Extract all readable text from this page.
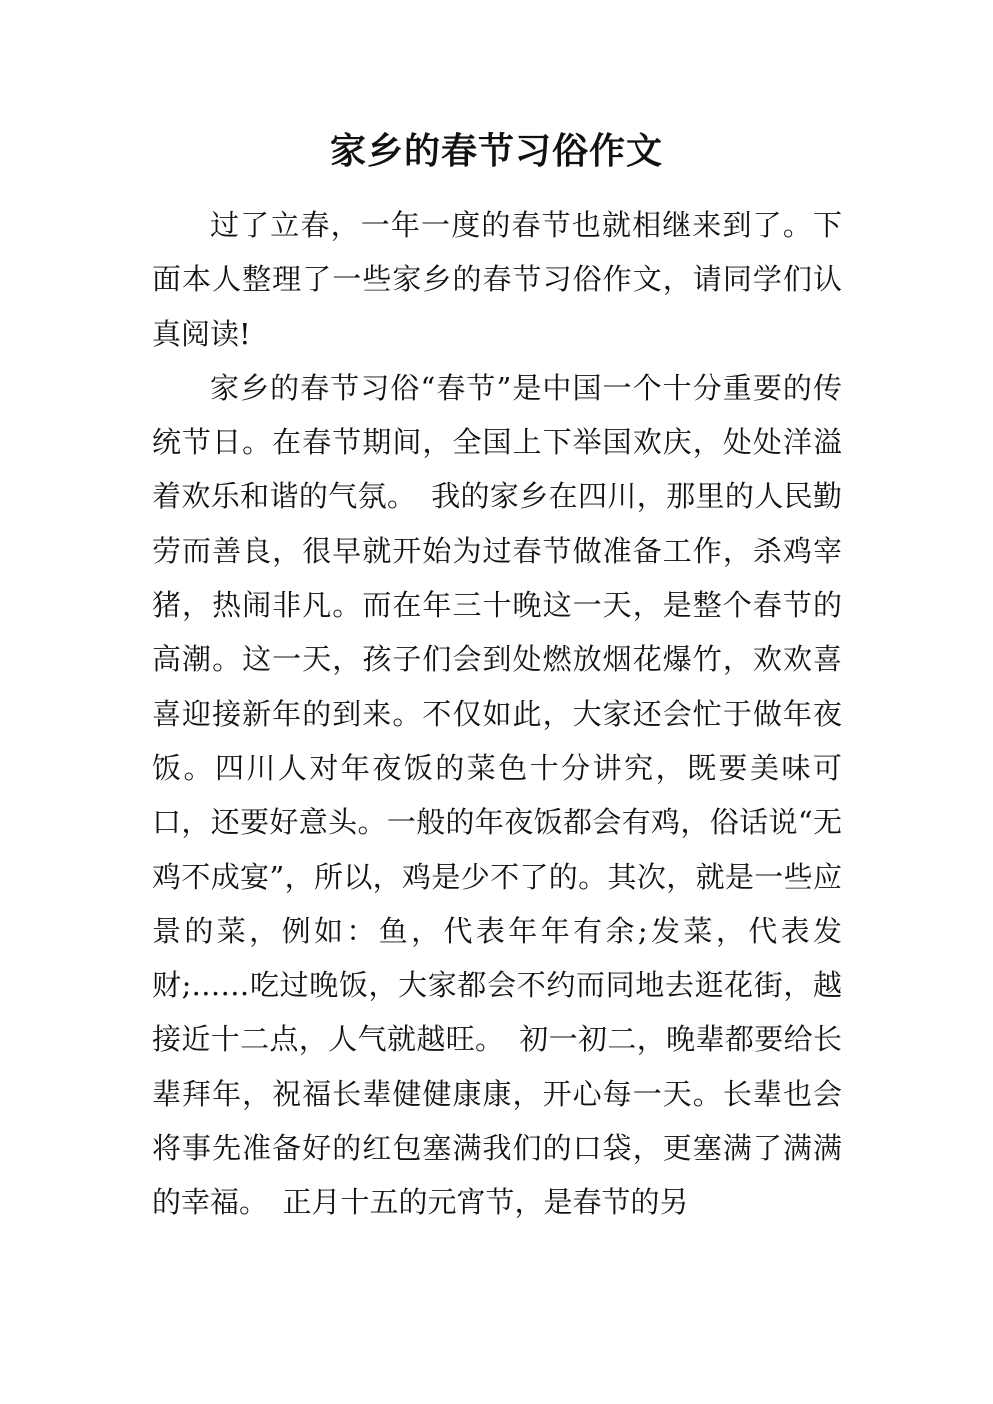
家乡的春节习俗作文

过了立春，一年一度的春节也就相继来到了。下面本人整理了一些家乡的春节习俗作文，请同学们认真阅读!

家乡的春节习俗“春节”是中国一个十分重要的传统节日。在春节期间，全国上下举国欢庆，处处洋溢着欢乐和谐的气氛。　我的家乡在四川，那里的人民勤劳而善良，很早就开始为过春节做准备工作，杀鸡宰猪，热闹非凡。而在年三十晚这一天，是整个春节的高潮。这一天，孩子们会到处燃放烟花爆竹，欢欢喜喜迎接新年的到来。不仅如此，大家还会忙于做年夜饭。四川人对年夜饭的菜色十分讲究，既要美味可口，还要好意头。一般的年夜饭都会有鸡，俗话说“无鸡不成宴”，所以，鸡是少不了的。其次，就是一些应景的菜，例如：鱼，代表年年有余;发菜，代表发财;……吃过晚饭，大家都会不约而同地去逛花街，越接近十二点，人气就越旺。　初一初二，晚辈都要给长辈拜年，祝福长辈健健康康，开心每一天。长辈也会将事先准备好的红包塞满我们的口袋，更塞满了满满的幸福。　正月十五的元宵节，是春节的另
